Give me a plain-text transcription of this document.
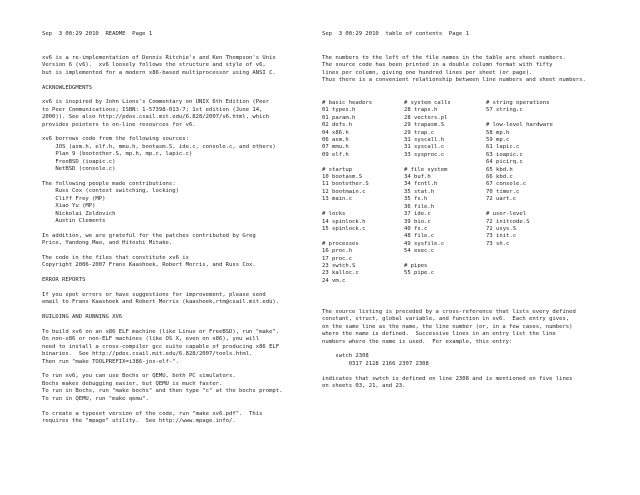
Sep  3 00:29 2010  README  Page 1
xv6 is a re-implementation of Dennis Ritchie's and Ken Thompson's Unix
Version 6 (v6).  xv6 loosely follows the structure and style of v6,
but is implemented for a modern x86-based multiprocessor using ANSI C.

ACKNOWLEDGMENTS

xv6 is inspired by John Lions's Commentary on UNIX 6th Edition (Peer
to Peer Communications; ISBN: 1-57398-013-7; 1st edition (June 14,
2000)). See also http://pdos.csail.mit.edu/6.828/2007/v6.html, which
provides pointers to on-line resources for v6.

xv6 borrows code from the following sources:
JOS (asm.h, elf.h, mmu.h, bootasm.S, ide.c, console.c, and others)
Plan 9 (bootother.S, mp.h, mp.c, lapic.c)
FreeBSD (ioapic.c)
NetBSD (console.c)

The following people made contributions:
Russ Cox (context switching, locking)
Cliff Frey (MP)
Xiao Yu (MP)
Nickolai Zeldovich
Austin Clements

In addition, we are grateful for the patches contributed by Greg
Price, Yandong Mao, and Hitoshi Mitake.

The code in the files that constitute xv6 is
Copyright 2006-2007 Frans Kaashoek, Robert Morris, and Russ Cox.

ERROR REPORTS

If you spot errors or have suggestions for improvement, please send
email to Frans Kaashoek and Robert Morris (kaashoek,rtm@csail.mit.edu).

BUILDING AND RUNNING XV6

To build xv6 on an x86 ELF machine (like Linux or FreeBSD), run "make".
On non-x86 or non-ELF machines (like OS X, even on x86), you will
need to install a cross-compiler gcc suite capable of producing x86 ELF
binaries.  See http://pdos.csail.mit.edu/6.828/2007/tools.html.
Then run "make TOOLPREFIX=i386-jos-elf-".

To run xv6, you can use Bochs or QEMU, both PC simulators.
Bochs makes debugging easier, but QEMU is much faster.
To run in Bochs, run "make bochs" and then type "c" at the bochs prompt.
To run in QEMU, run "make qemu".

To create a typeset version of the code, run "make xv6.pdf".  This
requires the "mpage" utility.  See http://www.mpage.info/.
Sep  3 00:29 2010  table of contents  Page 1
The numbers to the left of the file names in the table are sheet numbers.
The source code has been printed in a double column format with fifty
lines per column, giving one hundred lines per sheet (or page).
Thus there is a convenient relationship between line numbers and sheet numbers.
# basic headers
01 types.h
01 param.h
02 defs.h
04 x86.h
06 asm.h
07 mmu.h
09 elf.h

# startup
10 bootasm.S
11 bootother.S
12 bootmain.c
13 main.c

# locks
14 spinlock.h
15 spinlock.c

# processes
16 proc.h
17 proc.c
23 swtch.S
23 kalloc.c
24 vm.c
# system calls
28 traps.h
28 vectors.pl
29 trapasm.S
29 trap.c
31 syscall.h
31 syscall.c
33 sysproc.c

# file system
34 buf.h
34 fcntl.h
35 stat.h
35 fs.h
36 file.h
37 ide.c
39 bio.c
40 fs.c
48 file.c
49 sysfile.c
54 exec.c

# pipes
55 pipe.c
# string operations
57 string.c

# low-level hardware
58 mp.h
59 mp.c
61 lapic.c
63 ioapic.c
64 picirq.c
65 kbd.h
66 kbd.c
67 console.c
70 timer.c
72 uart.c

# user-level
72 initcode.S
72 usys.S
73 init.c
73 sh.c
The source listing is preceded by a cross-reference that lists every defined
constant, struct, global variable, and function in xv6.  Each entry gives,
on the same line as the name, the line number (or, in a few cases, numbers)
where the name is defined.  Successive lines in an entry list the line
numbers where the name is used.  For example, this entry:

swtch 2308
0317 2128 2166 2307 2308

indicates that swtch is defined on line 2308 and is mentioned on five lines
on sheets 03, 21, and 23.
